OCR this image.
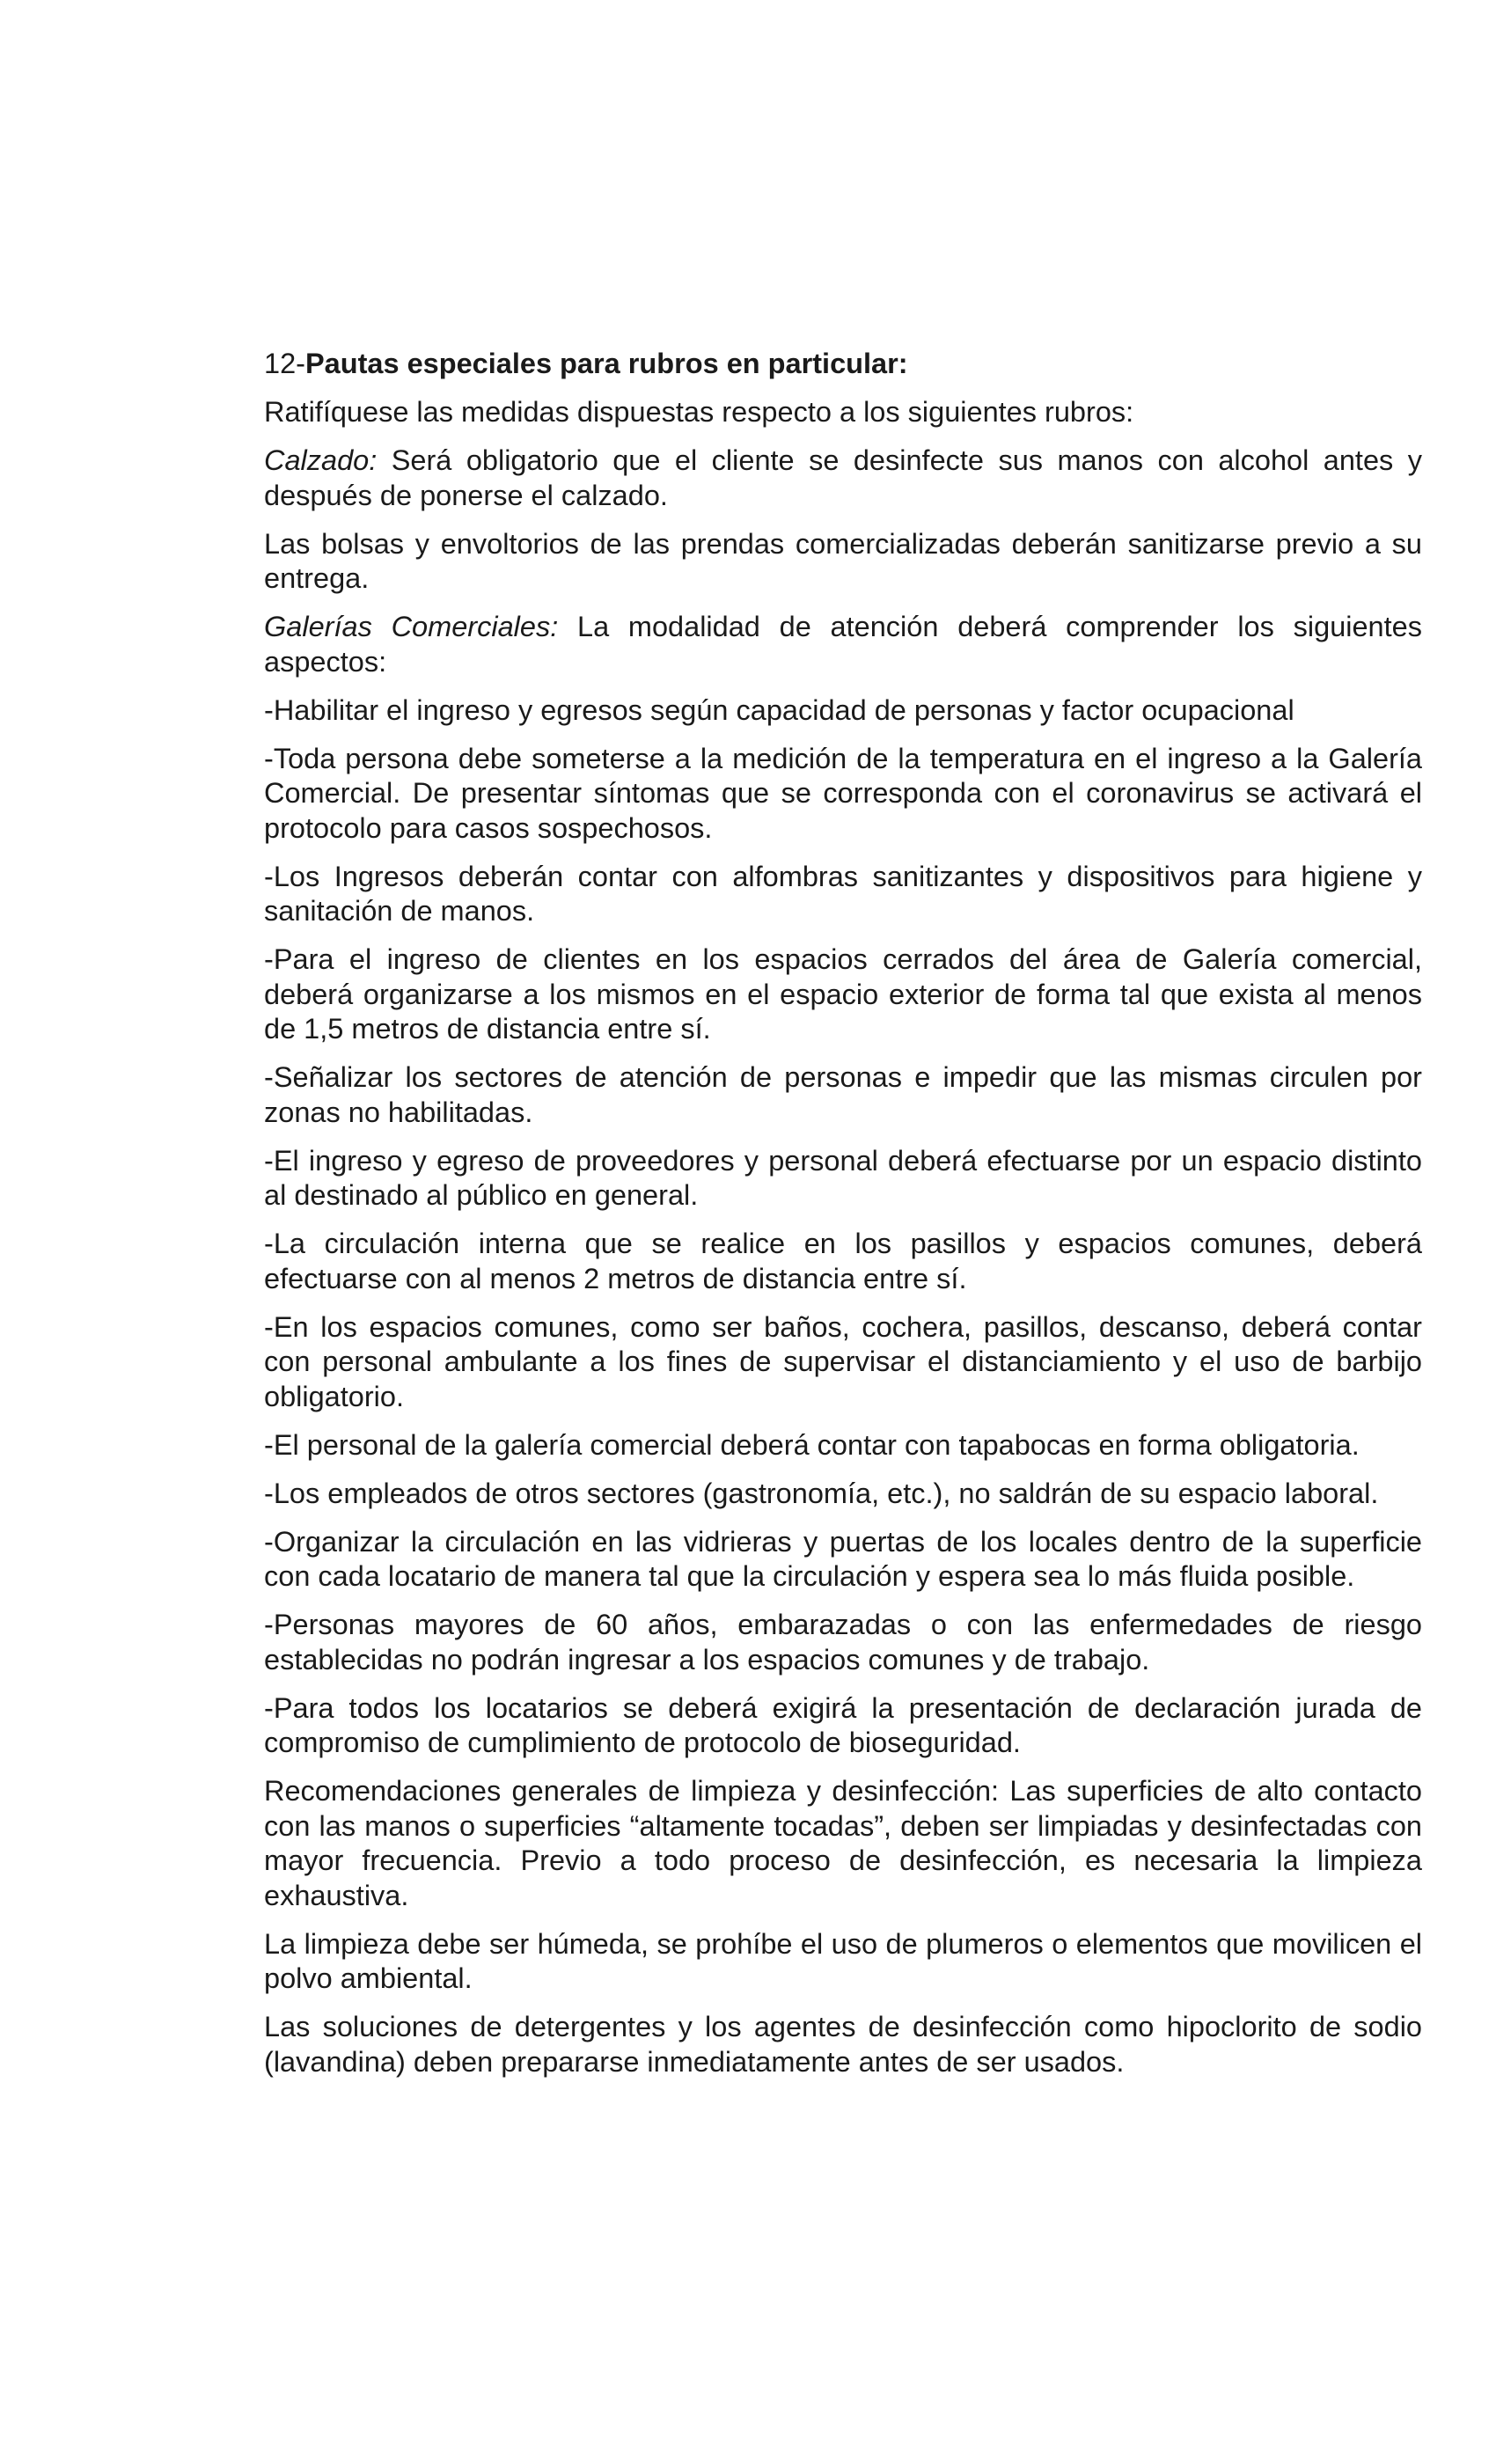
12-Pautas especiales para rubros en particular:

Ratifíquese las medidas dispuestas respecto a los siguientes rubros:

Calzado: Será obligatorio que el cliente se desinfecte sus manos con alcohol antes y después de ponerse el calzado.

Las bolsas y envoltorios de las prendas comercializadas deberán sanitizarse previo a su entrega.

Galerías Comerciales: La modalidad de atención deberá comprender los siguientes aspectos:

-Habilitar el ingreso y egresos según capacidad de personas y factor ocupacional

-Toda persona debe someterse a la medición de la temperatura en el ingreso a la Galería Comercial. De presentar síntomas que se corresponda con el coronavirus se activará el protocolo para casos sospechosos.

-Los Ingresos deberán contar con alfombras sanitizantes y dispositivos para higiene y sanitación de manos.

-Para el ingreso de clientes en los espacios cerrados del área de Galería comercial, deberá organizarse a los mismos en el espacio exterior de forma tal que exista al menos de 1,5 metros de distancia entre sí.

-Señalizar los sectores de atención de personas e impedir que las mismas circulen por zonas no habilitadas.

-El ingreso y egreso de proveedores y personal deberá efectuarse por un espacio distinto al destinado al público en general.

-La circulación interna que se realice en los pasillos y espacios comunes, deberá efectuarse con al menos 2 metros de distancia entre sí.

-En los espacios comunes, como ser baños, cochera, pasillos, descanso, deberá contar con personal ambulante a los fines de supervisar el distanciamiento y el uso de barbijo obligatorio.

-El personal de la galería comercial deberá contar con tapabocas en forma obligatoria.

-Los empleados de otros sectores (gastronomía, etc.), no saldrán de su espacio laboral.

-Organizar la circulación en las vidrieras y puertas de los locales dentro de la superficie con cada locatario de manera tal que la circulación y espera sea lo más fluida posible.

-Personas mayores de 60 años, embarazadas o con las enfermedades de riesgo establecidas no podrán ingresar a los espacios comunes y de trabajo.

-Para todos los locatarios se deberá exigirá la presentación de declaración jurada de compromiso de cumplimiento de protocolo de bioseguridad.

Recomendaciones generales de limpieza y desinfección: Las superficies de alto contacto con las manos o superficies “altamente tocadas”, deben ser limpiadas y desinfectadas con mayor frecuencia. Previo a todo proceso de desinfección, es necesaria la limpieza exhaustiva.

La limpieza debe ser húmeda, se prohíbe el uso de plumeros o elementos que movilicen el polvo ambiental.

Las soluciones de detergentes y los agentes de desinfección como hipoclorito de sodio (lavandina) deben prepararse inmediatamente antes de ser usados.
